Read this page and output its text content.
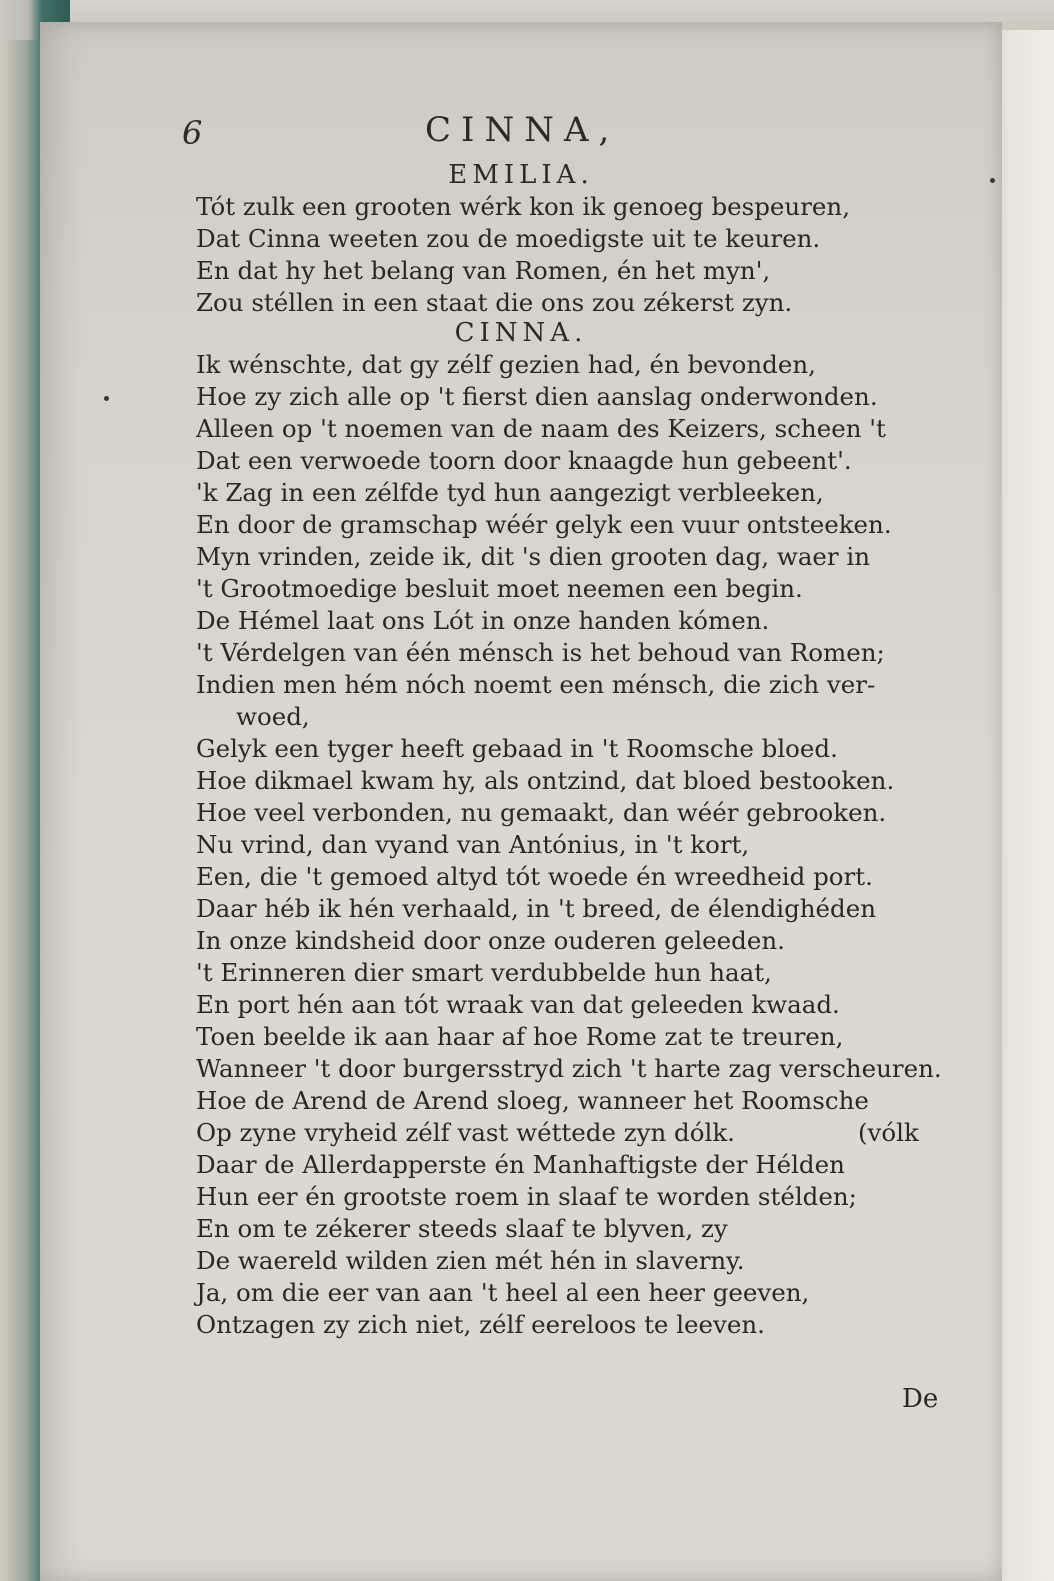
6	CINNA,
EMILIA.
Tót zulk een grooten wérk kon ik genoeg bespeuren,
Dat Cinna weeten zou de moedigste uit te keuren.
En dat hy het belang van Romen, én het myn',
Zou stéllen in een staat die ons zou zékerst zyn.
CINNA.
Ik wénschte, dat gy zélf gezien had, én bevonden,
Hoe zy zich alle op 't fierst dien aanslag onderwonden.
Alleen op 't noemen van de naam des Keizers, scheen 't
Dat een verwoede toorn door knaagde hun gebeent'.
'k Zag in een zélfde tyd hun aangezigt verbleeken,
En door de gramschap wéér gelyk een vuur ontsteeken.
Myn vrinden, zeide ik, dit 's dien grooten dag, waer in
't Grootmoedige besluit moet neemen een begin.
De Hémel laat ons Lót in onze handen kómen.
't Vérdelgen van één ménsch is het behoud van Romen;
Indien men hém nóch noemt een ménsch, die zich ver-
woed,
Gelyk een tyger heeft gebaad in 't Roomsche bloed.
Hoe dikmael kwam hy, als ontzind, dat bloed bestooken.
Hoe veel verbonden, nu gemaakt, dan wéér gebrooken.
Nu vrind, dan vyand van Antónius, in 't kort,
Een, die 't gemoed altyd tót woede én wreedheid port.
Daar héb ik hén verhaald, in 't breed, de élendighéden
In onze kindsheid door onze ouderen geleeden.
't Erinneren dier smart verdubbelde hun haat,
En port hén aan tót wraak van dat geleeden kwaad.
Toen beelde ik aan haar af hoe Rome zat te treuren,
Wanneer 't door burgersstryd zich 't harte zag verscheuren.
Hoe de Arend de Arend sloeg, wanneer het Roomsche
Op zyne vryheid zélf vast wéttede zyn dólk.	(vólk
Daar de Allerdapperste én Manhaftigste der Hélden
Hun eer én grootste roem in slaaf te worden stélden;
En om te zékerer steeds slaaf te blyven, zy
De waereld wilden zien mét hén in slaverny.
Ja, om die eer van aan 't heel al een heer geeven,
Ontzagen zy zich niet, zélf eereloos te leeven.
De
